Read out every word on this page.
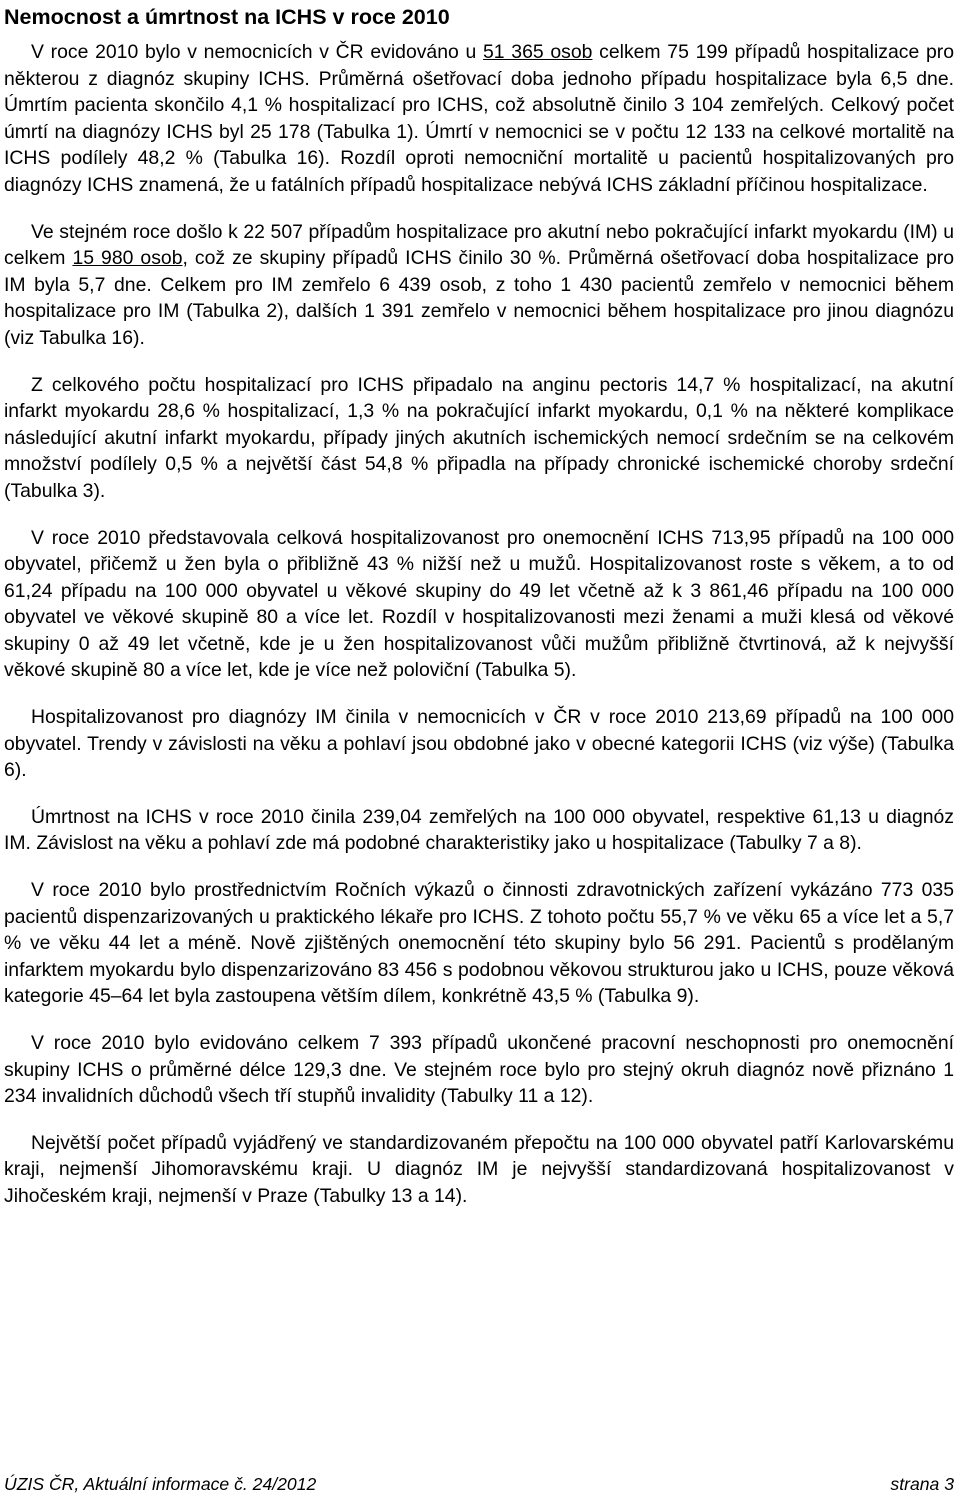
Nemocnost a úmrtnost na ICHS v roce 2010

V roce 2010 bylo v nemocnicích v ČR evidováno u 51 365 osob celkem 75 199 případů hospitalizace pro některou z diagnóz skupiny ICHS. Průměrná ošetřovací doba jednoho případu hospitalizace byla 6,5 dne. Úmrtím pacienta skončilo 4,1 % hospitalizací pro ICHS, což absolutně činilo 3 104 zemřelých. Celkový počet úmrtí na diagnózy ICHS byl 25 178 (Tabulka 1). Úmrtí v nemocnici se v počtu 12 133 na celkové mortalitě na ICHS podílely 48,2 % (Tabulka 16). Rozdíl oproti nemocniční mortalitě u pacientů hospitalizovaných pro diagnózy ICHS znamená, že u fatálních případů hospitalizace nebývá ICHS základní příčinou hospitalizace.

Ve stejném roce došlo k 22 507 případům hospitalizace pro akutní nebo pokračující infarkt myokardu (IM) u celkem 15 980 osob, což ze skupiny případů ICHS činilo 30 %. Průměrná ošetřovací doba hospitalizace pro IM byla 5,7 dne. Celkem pro IM zemřelo 6 439 osob, z toho 1 430 pacientů zemřelo v nemocnici během hospitalizace pro IM (Tabulka 2), dalších 1 391 zemřelo v nemocnici během hospitalizace pro jinou diagnózu (viz Tabulka 16).

Z celkového počtu hospitalizací pro ICHS připadalo na anginu pectoris 14,7 % hospitalizací, na akutní infarkt myokardu 28,6 % hospitalizací, 1,3 % na pokračující infarkt myokardu, 0,1 % na některé komplikace následující akutní infarkt myokardu, případy jiných akutních ischemických nemocí srdečním se na celkovém množství podílely 0,5 % a největší část 54,8 % připadla na případy chronické ischemické choroby srdeční (Tabulka 3).

V roce 2010 představovala celková hospitalizovanost pro onemocnění ICHS 713,95 případů na 100 000 obyvatel, přičemž u žen byla o přibližně 43 % nižší než u mužů. Hospitalizovanost roste s věkem, a to od 61,24 případu na 100 000 obyvatel u věkové skupiny do 49 let včetně až k 3 861,46 případu na 100 000 obyvatel ve věkové skupině 80 a více let. Rozdíl v hospitalizovanosti mezi ženami a muži klesá od věkové skupiny 0 až 49 let včetně, kde je u žen hospitalizovanost vůči mužům přibližně čtvrtinová, až k nejvyšší věkové skupině 80 a více let, kde je více než poloviční (Tabulka 5).

Hospitalizovanost pro diagnózy IM činila v nemocnicích v ČR v roce 2010 213,69 případů na 100 000 obyvatel. Trendy v závislosti na věku a pohlaví jsou obdobné jako v obecné kategorii ICHS (viz výše) (Tabulka 6).

Úmrtnost na ICHS v roce 2010 činila 239,04 zemřelých na 100 000 obyvatel, respektive 61,13 u diagnóz IM. Závislost na věku a pohlaví zde má podobné charakteristiky jako u hospitalizace (Tabulky 7 a 8).

V roce 2010 bylo prostřednictvím Ročních výkazů o činnosti zdravotnických zařízení vykázáno 773 035 pacientů dispenzarizovaných u praktického lékaře pro ICHS. Z tohoto počtu 55,7 % ve věku 65 a více let a 5,7 % ve věku 44 let a méně. Nově zjištěných onemocnění této skupiny bylo 56 291. Pacientů s prodělaným infarktem myokardu bylo dispenzarizováno 83 456 s podobnou věkovou strukturou jako u ICHS, pouze věková kategorie 45–64 let byla zastoupena větším dílem, konkrétně 43,5 % (Tabulka 9).

V roce 2010 bylo evidováno celkem 7 393 případů ukončené pracovní neschopnosti pro onemocnění skupiny ICHS o průměrné délce 129,3 dne. Ve stejném roce bylo pro stejný okruh diagnóz nově přiznáno 1 234 invalidních důchodů všech tří stupňů invalidity (Tabulky 11 a 12).

Největší počet případů vyjádřený ve standardizovaném přepočtu na 100 000 obyvatel patří Karlovarskému kraji, nejmenší Jihomoravskému kraji. U diagnóz IM je nejvyšší standardizovaná hospitalizovanost v Jihočeském kraji, nejmenší v Praze (Tabulky 13 a 14).

ÚZIS ČR, Aktuální informace č. 24/2012	strana 3
